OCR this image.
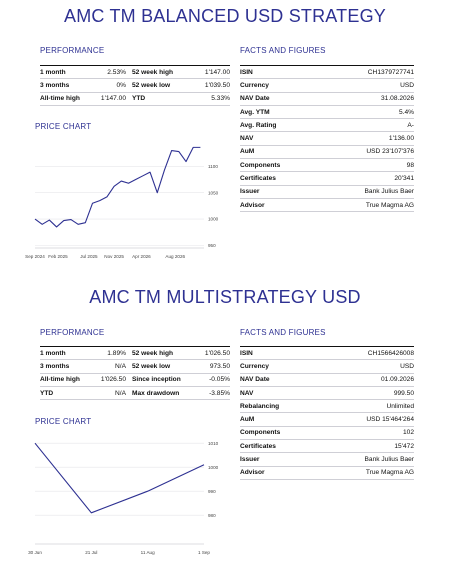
AMC TM BALANCED USD STRATEGY
PERFORMANCE
1 month	2.53%	52 week high	1'147.00
3 months	0%	52 week low	1'039.50
All-time high	1'147.00	YTD	5.33%
PRICE CHART
950
1000
1050
1100
Sep 2024 Feb 2025	Jul 2025 Nov 2025 Apr 2026	Aug 2026
FACTS AND FIGURES
ISIN	CH1379727741
Currency	USD
NAV Date	31.08.2026
Avg. YTM	5.4%
Avg. Rating	A-
NAV	1'136.00
AuM	USD 23'107'376
Components	98
Certificates	20'341
Issuer	Bank Julius Baer
Advisor	True Magma AG
AMC TM MULTISTRATEGY USD
PERFORMANCE
1 month	1.89%	52 week high	1'026.50
3 months	N/A	52 week low	973.50
All-time high	1'026.50	Since inception	-0.05%
YTD	N/A	Max drawdown	-3.85%
PRICE CHART
980
990
1000
1010
30 Jun	21 Jul	11 Aug	1 Sep
FACTS AND FIGURES
ISIN	CH1566426008
Currency	USD
NAV Date	01.09.2026
NAV	999.50
Rebalancing	Unlimited
AuM	USD 15'464'264
Components	102
Certificates	15'472
Issuer	Bank Julius Baer
Advisor	True Magma AG
